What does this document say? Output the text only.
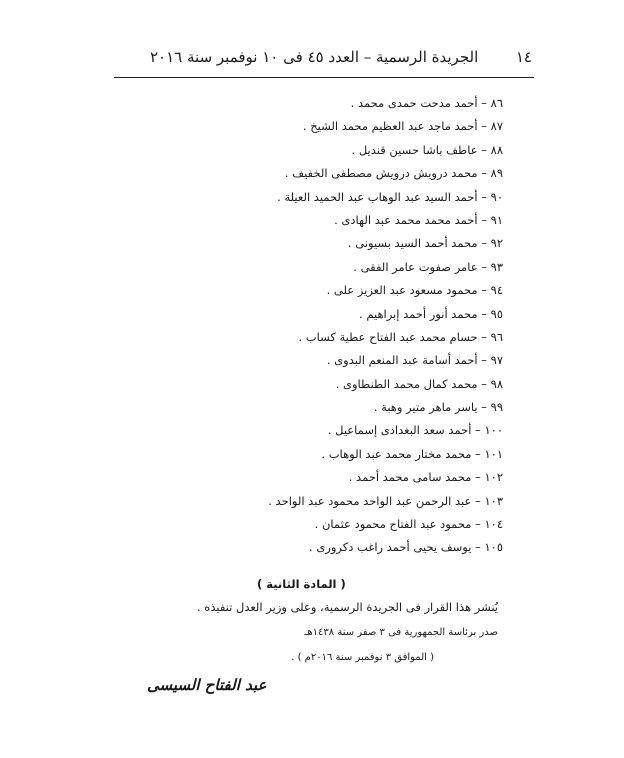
١٤
الجريدة الرسمية – العدد ٤٥ فى ١٠ نوفمبر سنة ٢٠١٦
٨٦ – أحمد مدحت حمدى محمد .
٨٧ – أحمد ماجد عبد العظيم محمد الشيخ .
٨٨ – عاطف باشا حسين قنديل .
٨٩ – محمد درويش درويش مصطفى الخفيف .
٩٠ – أحمد السيد عبد الوهاب عبد الحميد العيلة .
٩١ – أحمد محمد محمد عبد الهادى .
٩٢ – محمد أحمد السيد بسيونى .
٩٣ – عامر صفوت عامر الفقى .
٩٤ – محمود مسعود عبد العزيز على .
٩٥ – محمد أنور أحمد إبراهيم .
٩٦ – حسام محمد عبد الفتاح عطية كساب .
٩٧ – أحمد أسامة عبد المنعم البدوى .
٩٨ – محمد كمال محمد الطنطاوى .
٩٩ – ياسر ماهر متير وهبة .
١٠٠ – أحمد سعد البغدادى إسماعيل .
١٠١ – محمد مختار محمد عبد الوهاب .
١٠٢ – محمد سامى محمد أحمد .
١٠٣ – عبد الرحمن عبد الواحد محمود عبد الواحد .
١٠٤ – محمود عبد الفتاح محمود عثمان .
١٠٥ – يوسف يحيى أحمد راغب دكرورى .
( المادة الثانية )
يُنشر هذا القرار فى الجريدة الرسمية، وعلى وزير العدل تنفيذه .
صدر برئاسة الجمهورية فى ٣ صفر سنة ١٤٣٨هـ
( الموافق ٣ نوفمبر سنة ٢٠١٦م ) .
عبد الفتاح السيسى
